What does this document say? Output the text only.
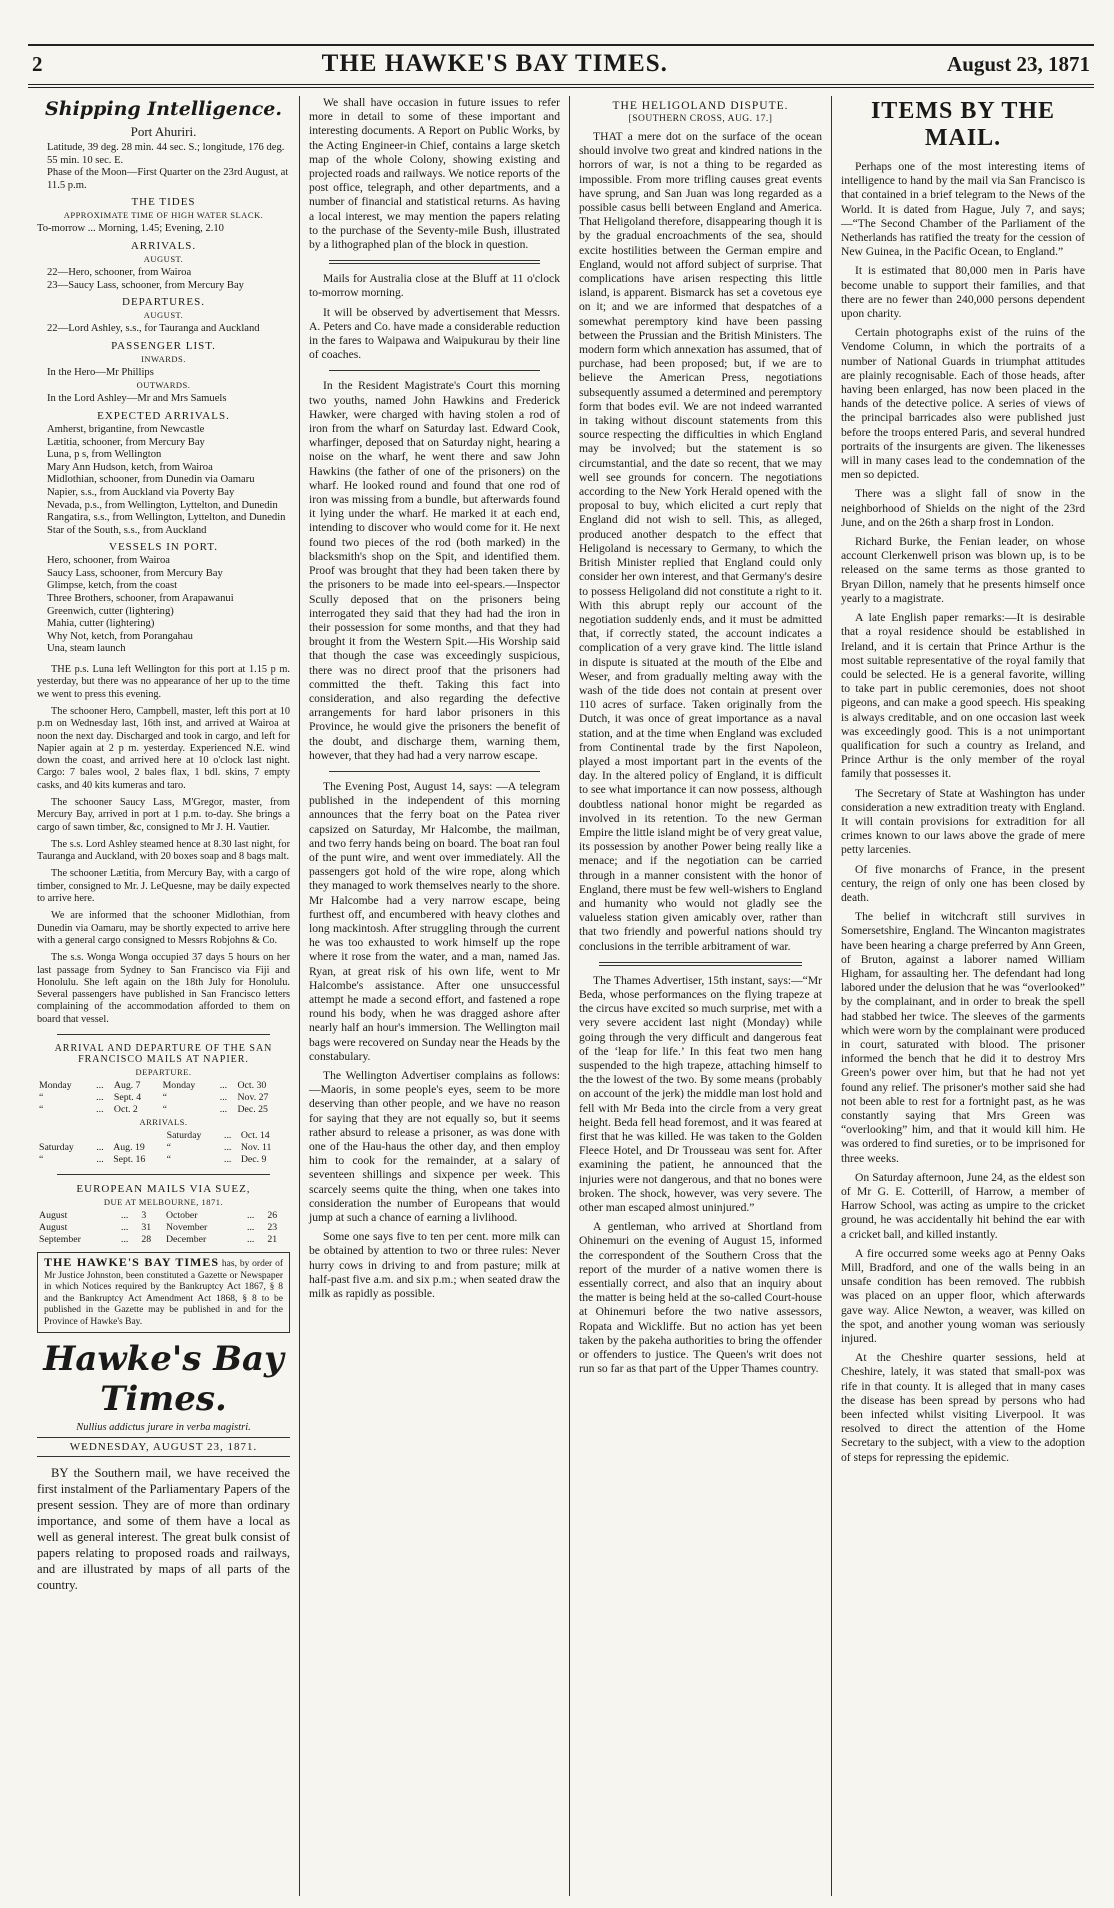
2	THE HAWKE'S BAY TIMES.	August 23, 1871
Shipping Intelligence.
Port Ahuriri.
Latitude, 39 deg. 28 min. 44 sec. S.; longitude, 176 deg. 55 min. 10 sec. E.
Phase of the Moon—First Quarter on the 23rd August, at 11.5 p.m.
THE TIDES
APPROXIMATE TIME OF HIGH WATER SLACK.
To-morrow ... Morning, 1.45; Evening, 2.10
ARRIVALS.
AUGUST.
22—Hero, schooner, from Wairoa
23—Saucy Lass, schooner, from Mercury Bay
DEPARTURES.
AUGUST.
22—Lord Ashley, s.s., for Tauranga and Auckland
PASSENGER LIST.
INWARDS.
In the Hero—Mr Phillips
OUTWARDS.
In the Lord Ashley—Mr and Mrs Samuels
EXPECTED ARRIVALS.
Amherst, brigantine, from Newcastle
Lætitia, schooner, from Mercury Bay
Luna, p s, from Wellington
Mary Ann Hudson, ketch, from Wairoa
Midlothian, schooner, from Dunedin via Oamaru
Napier, s.s., from Auckland via Poverty Bay
Nevada, p.s., from Wellington, Lyttelton, and Dunedin
Rangatira, s.s., from Wellington, Lyttelton, and Dunedin
Star of the South, s.s., from Auckland
VESSELS IN PORT.
Hero, schooner, from Wairoa
Saucy Lass, schooner, from Mercury Bay
Glimpse, ketch, from the coast
Three Brothers, schooner, from Arapawanui
Greenwich, cutter (lightering)
Mahia, cutter (lightering)
Why Not, ketch, from Porangahau
Una, steam launch

THE p.s. Luna left Wellington for this port at 1.15 p m. yesterday, but there was no appearance of her up to the time we went to press this evening.

The schooner Hero, Campbell, master, left this port at 10 p.m on Wednesday last, 16th inst, and arrived at Wairoa at noon the next day. Discharged and took in cargo, and left for Napier again at 2 p m. yesterday. Experienced N.E. wind down the coast, and arrived here at 10 o'clock last night. Cargo: 7 bales wool, 2 bales flax, 1 bdl. skins, 7 empty casks, and 40 kits kumeras and taro.

The schooner Saucy Lass, M'Gregor, master, from Mercury Bay, arrived in port at 1 p.m. to-day. She brings a cargo of sawn timber, &c, consigned to Mr J. H. Vautier.

The s.s. Lord Ashley steamed hence at 8.30 last night, for Tauranga and Auckland, with 20 boxes soap and 8 bags malt.

The schooner Lætitia, from Mercury Bay, with a cargo of timber, consigned to Mr. J. LeQuesne, may be daily expected to arrive here.

We are informed that the schooner Midlothian, from Dunedin via Oamaru, may be shortly expected to arrive here with a general cargo consigned to Messrs Robjohns & Co.

The s.s. Wonga Wonga occupied 37 days 5 hours on her last passage from Sydney to San Francisco via Fiji and Honolulu. She left again on the 18th July for Honolulu. Several passengers have published in San Francisco letters complaining of the accommodation afforded to them on board that vessel.

ARRIVAL AND DEPARTURE OF THE SAN FRANCISCO MAILS AT NAPIER.
DEPARTURE.
Monday	...	Aug. 7	Monday	...	Oct. 30
“	...	Sept. 4	“	...	Nov. 27
“	...	Oct. 2	“	...	Dec. 25
ARRIVALS.
			Saturday	...	Oct. 14
Saturday	...	Aug. 19	“	...	Nov. 11
“	...	Sept. 16	“	...	Dec. 9
EUROPEAN MAILS VIA SUEZ,
DUE AT MELBOURNE, 1871.
August	...	3	October	...	26
August	...	31	November	...	23
September	...	28	December	...	21
THE HAWKE'S BAY TIMES has, by order of Mr Justice Johnston, been constituted a Gazette or Newspaper in which Notices required by the Bankruptcy Act 1867, § 8 and the Bankruptcy Act Amendment Act 1868, § 8 to be published in the Gazette may be published in and for the Province of Hawke's Bay.
Hawke's Bay Times.
Nullius addictus jurare in verba magistri.
WEDNESDAY, AUGUST 23, 1871.

BY the Southern mail, we have received the first instalment of the Parliamentary Papers of the present session. They are of more than ordinary importance, and some of them have a local as well as general interest. The great bulk consist of papers relating to proposed roads and railways, and are illustrated by maps of all parts of the country.

We shall have occasion in future issues to refer more in detail to some of these important and interesting documents. A Report on Public Works, by the Acting Engineer-in Chief, contains a large sketch map of the whole Colony, showing existing and projected roads and railways. We notice reports of the post office, telegraph, and other departments, and a number of financial and statistical returns. As having a local interest, we may mention the papers relating to the purchase of the Seventy-mile Bush, illustrated by a lithographed plan of the block in question.

Mails for Australia close at the Bluff at 11 o'clock to-morrow morning.

It will be observed by advertisement that Messrs. A. Peters and Co. have made a considerable reduction in the fares to Waipawa and Waipukurau by their line of coaches.

In the Resident Magistrate's Court this morning two youths, named John Hawkins and Frederick Hawker, were charged with having stolen a rod of iron from the wharf on Saturday last. Edward Cook, wharfinger, deposed that on Saturday night, hearing a noise on the wharf, he went there and saw John Hawkins (the father of one of the prisoners) on the wharf. He looked round and found that one rod of iron was missing from a bundle, but afterwards found it lying under the wharf. He marked it at each end, intending to discover who would come for it. He next found two pieces of the rod (both marked) in the blacksmith's shop on the Spit, and identified them. Proof was brought that they had been taken there by the prisoners to be made into eel-spears.—Inspector Scully deposed that on the prisoners being interrogated they said that they had had the iron in their possession for some months, and that they had brought it from the Western Spit.—His Worship said that though the case was exceedingly suspicious, there was no direct proof that the prisoners had committed the theft. Taking this fact into consideration, and also regarding the defective arrangements for hard labor prisoners in this Province, he would give the prisoners the benefit of the doubt, and discharge them, warning them, however, that they had had a very narrow escape.

The Evening Post, August 14, says: —A telegram published in the independent of this morning announces that the ferry boat on the Patea river capsized on Saturday, Mr Halcombe, the mailman, and two ferry hands being on board. The boat ran foul of the punt wire, and went over immediately. All the passengers got hold of the wire rope, along which they managed to work themselves nearly to the shore. Mr Halcombe had a very narrow escape, being furthest off, and encumbered with heavy clothes and long mackintosh. After struggling through the current he was too exhausted to work himself up the rope where it rose from the water, and a man, named Jas. Ryan, at great risk of his own life, went to Mr Halcombe's assistance. After one unsuccessful attempt he made a second effort, and fastened a rope round his body, when he was dragged ashore after nearly half an hour's immersion. The Wellington mail bags were recovered on Sunday near the Heads by the constabulary.

The Wellington Advertiser complains as follows:—Maoris, in some people's eyes, seem to be more deserving than other people, and we have no reason for saying that they are not equally so, but it seems rather absurd to release a prisoner, as was done with one of the Hau-haus the other day, and then employ him to cook for the remainder, at a salary of seventeen shillings and sixpence per week. This scarcely seems quite the thing, when one takes into consideration the number of Europeans that would jump at such a chance of earning a livlihood.

Some one says five to ten per cent. more milk can be obtained by attention to two or three rules: Never hurry cows in driving to and from pasture; milk at half-past five a.m. and six p.m.; when seated draw the milk as rapidly as possible.

THE HELIGOLAND DISPUTE.
[SOUTHERN CROSS, AUG. 17.]

THAT a mere dot on the surface of the ocean should involve two great and kindred nations in the horrors of war, is not a thing to be regarded as impossible. From more trifling causes great events have sprung, and San Juan was long regarded as a possible casus belli between England and America. That Heligoland therefore, disappearing though it is by the gradual encroachments of the sea, should excite hostilities between the German empire and England, would not afford subject of surprise. That complications have arisen respecting this little island, is apparent. Bismarck has set a covetous eye on it; and we are informed that despatches of a somewhat peremptory kind have been passing between the Prussian and the British Ministers. The modern form which annexation has assumed, that of purchase, had been proposed; but, if we are to believe the American Press, negotiations subsequently assumed a determined and peremptory form that bodes evil. We are not indeed warranted in taking without discount statements from this source respecting the difficulties in which England may be involved; but the statement is so circumstantial, and the date so recent, that we may well see grounds for concern. The negotiations according to the New York Herald opened with the proposal to buy, which elicited a curt reply that England did not wish to sell. This, as alleged, produced another despatch to the effect that Heligoland is necessary to Germany, to which the British Minister replied that England could only consider her own interest, and that Germany's desire to possess Heligoland did not constitute a right to it. With this abrupt reply our account of the negotiation suddenly ends, and it must be admitted that, if correctly stated, the account indicates a complication of a very grave kind. The little island in dispute is situated at the mouth of the Elbe and Weser, and from gradually melting away with the wash of the tide does not contain at present over 110 acres of surface. Taken originally from the Dutch, it was once of great importance as a naval station, and at the time when England was excluded from Continental trade by the first Napoleon, played a most important part in the events of the day. In the altered policy of England, it is difficult to see what importance it can now possess, although doubtless national honor might be regarded as involved in its retention. To the new German Empire the little island might be of very great value, its possession by another Power being really like a menace; and if the negotiation can be carried through in a manner consistent with the honor of England, there must be few well-wishers to England and humanity who would not gladly see the valueless station given amicably over, rather than that two friendly and powerful nations should try conclusions in the terrible arbitrament of war.

The Thames Advertiser, 15th instant, says:—“Mr Beda, whose performances on the flying trapeze at the circus have excited so much surprise, met with a very severe accident last night (Monday) while going through the very difficult and dangerous feat of the ‘leap for life.’ In this feat two men hang suspended to the high trapeze, attaching himself to the the lowest of the two. By some means (probably on account of the jerk) the middle man lost hold and fell with Mr Beda into the circle from a very great height. Beda fell head foremost, and it was feared at first that he was killed. He was taken to the Golden Fleece Hotel, and Dr Trousseau was sent for. After examining the patient, he announced that the injuries were not dangerous, and that no bones were broken. The shock, however, was very severe. The other man escaped almost uninjured.”

A gentleman, who arrived at Shortland from Ohinemuri on the evening of August 15, informed the correspondent of the Southern Cross that the report of the murder of a native women there is essentially correct, and also that an inquiry about the matter is being held at the so-called Court-house at Ohinemuri before the two native assessors, Ropata and Wickliffe. But no action has yet been taken by the pakeha authorities to bring the offender or offenders to justice. The Queen's writ does not run so far as that part of the Upper Thames country.

ITEMS BY THE MAIL.

Perhaps one of the most interesting items of intelligence to hand by the mail via San Francisco is that contained in a brief telegram to the News of the World. It is dated from Hague, July 7, and says; —“The Second Chamber of the Parliament of the Netherlands has ratified the treaty for the cession of New Guinea, in the Pacific Ocean, to England.”

It is estimated that 80,000 men in Paris have become unable to support their families, and that there are no fewer than 240,000 persons dependent upon charity.

Certain photographs exist of the ruins of the Vendome Column, in which the portraits of a number of National Guards in triumphat attitudes are plainly recognisable. Each of those heads, after having been enlarged, has now been placed in the hands of the detective police. A series of views of the principal barricades also were published just before the troops entered Paris, and several hundred portraits of the insurgents are given. The likenesses will in many cases lead to the condemnation of the men so depicted.

There was a slight fall of snow in the neighborhood of Shields on the night of the 23rd June, and on the 26th a sharp frost in London.

Richard Burke, the Fenian leader, on whose account Clerkenwell prison was blown up, is to be released on the same terms as those granted to Bryan Dillon, namely that he presents himself once yearly to a magistrate.

A late English paper remarks:—It is desirable that a royal residence should be established in Ireland, and it is certain that Prince Arthur is the most suitable representative of the royal family that could be selected. He is a general favorite, willing to take part in public ceremonies, does not shoot pigeons, and can make a good speech. His speaking is always creditable, and on one occasion last week was exceedingly good. This is a not unimportant qualification for such a country as Ireland, and Prince Arthur is the only member of the royal family that possesses it.

The Secretary of State at Washington has under consideration a new extradition treaty with England. It will contain provisions for extradition for all crimes known to our laws above the grade of mere petty larcenies.

Of five monarchs of France, in the present century, the reign of only one has been closed by death.

The belief in witchcraft still survives in Somersetshire, England. The Wincanton magistrates have been hearing a charge preferred by Ann Green, of Bruton, against a laborer named William Higham, for assaulting her. The defendant had long labored under the delusion that he was “overlooked” by the complainant, and in order to break the spell had stabbed her twice. The sleeves of the garments which were worn by the complainant were produced in court, saturated with blood. The prisoner informed the bench that he did it to destroy Mrs Green's power over him, but that he had not yet found any relief. The prisoner's mother said she had not been able to rest for a fortnight past, as he was constantly saying that Mrs Green was “overlooking” him, and that it would kill him. He was ordered to find sureties, or to be imprisoned for three weeks.

On Saturday afternoon, June 24, as the eldest son of Mr G. E. Cotterill, of Harrow, a member of Harrow School, was acting as umpire to the cricket ground, he was accidentally hit behind the ear with a cricket ball, and killed instantly.

A fire occurred some weeks ago at Penny Oaks Mill, Bradford, and one of the walls being in an unsafe condition has been removed. The rubbish was placed on an upper floor, which afterwards gave way. Alice Newton, a weaver, was killed on the spot, and another young woman was seriously injured.

At the Cheshire quarter sessions, held at Cheshire, lately, it was stated that small-pox was rife in that county. It is alleged that in many cases the disease has been spread by persons who had been infected whilst visiting Liverpool. It was resolved to direct the attention of the Home Secretary to the subject, with a view to the adoption of steps for repressing the epidemic.
